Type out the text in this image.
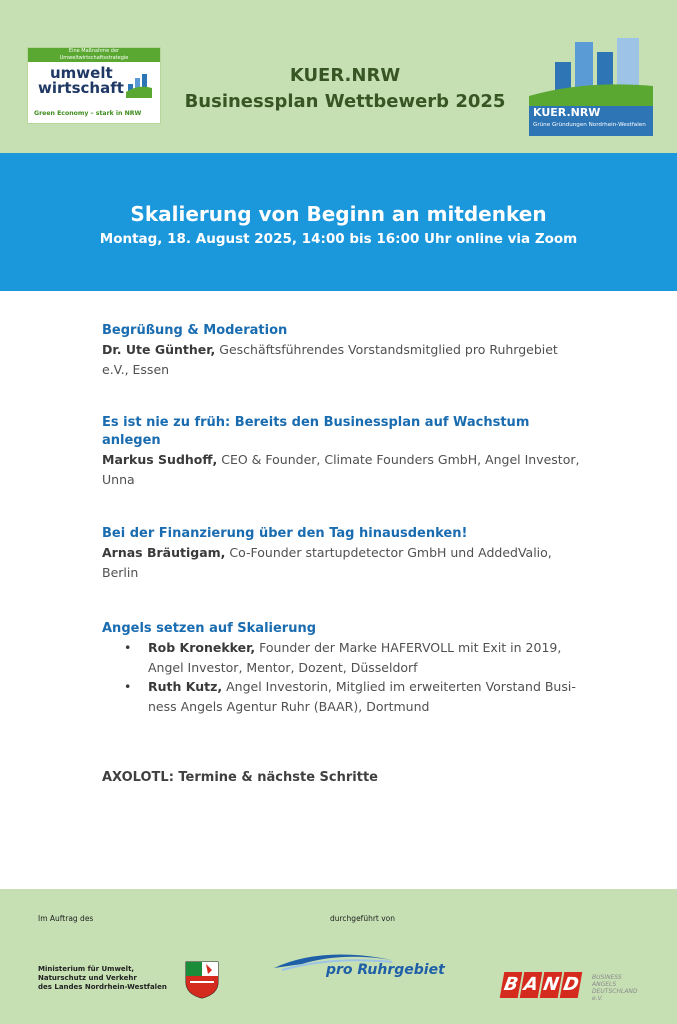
Eine Maßnahme der
Umweltwirtschaftsstrategie
umwelt
wirtschaft
Green Economy – stark in NRW
KUER.NRW
Businessplan Wettbewerb 2025
KUER.NRW
Grüne Gründungen Nordrhein-Westfalen
Skalierung von Beginn an mitdenken
Montag, 18. August 2025, 14:00 bis 16:00 Uhr online via Zoom
Begrüßung & Moderation
Dr. Ute Günther, Geschäftsführendes Vorstandsmitglied pro Ruhrgebiet e.V., Essen
Es ist nie zu früh: Bereits den Businessplan auf Wachstum anlegen
Markus Sudhoff, CEO & Founder, Climate Founders GmbH, Angel Investor, Unna
Bei der Finanzierung über den Tag hinausdenken!
Arnas Bräutigam, Co-Founder startupdetector GmbH und AddedValio, Berlin
Angels setzen auf Skalierung
• Rob Kronekker, Founder der Marke HAFERVOLL mit Exit in 2019, Angel Investor, Mentor, Dozent, Düsseldorf
• Ruth Kutz, Angel Investorin, Mitglied im erweiterten Vorstand Busi-ness Angels Agentur Ruhr (BAAR), Dortmund
AXOLOTL: Termine & nächste Schritte
Im Auftrag des	durchgeführt von
Ministerium für Umwelt,
Naturschutz und Verkehr
des Landes Nordrhein-Westfalen
pro Ruhrgebiet
B A N D	BUSINESS
ANGELS
DEUTSCHLAND e.V.
